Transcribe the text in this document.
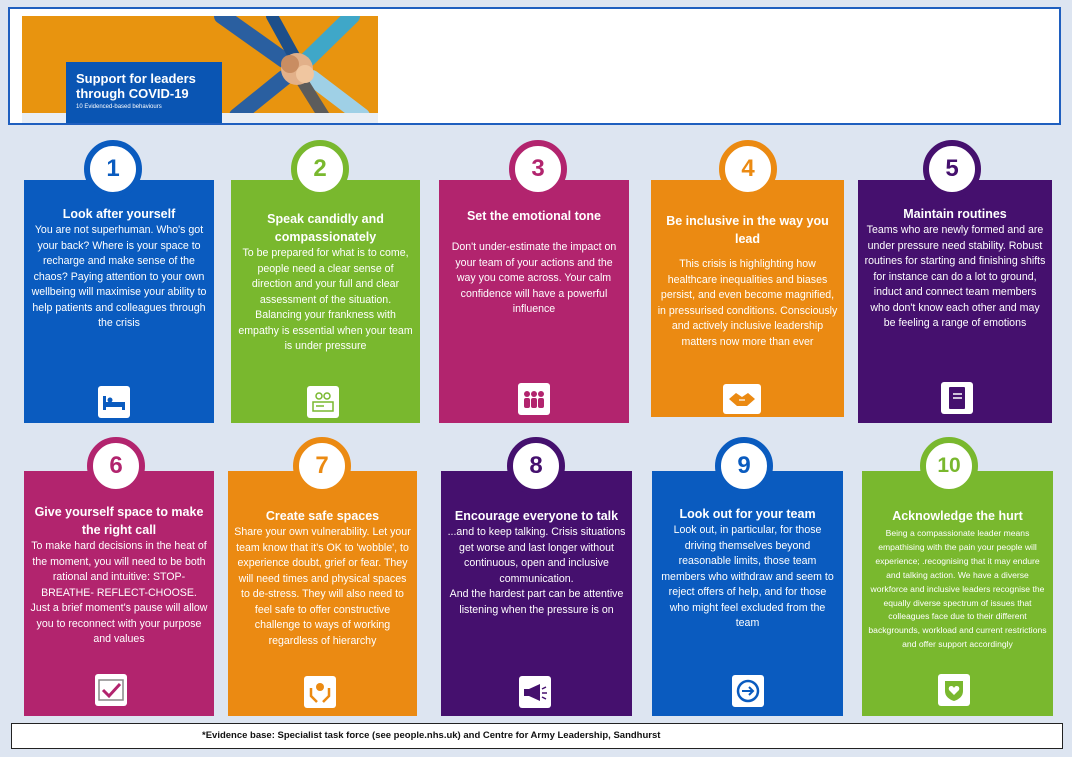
Support for leaders
through COVID-19
10 Evidenced-based behaviours
Look after yourself
You are not superhuman. Who's got your back? Where is your space to recharge and make sense of the chaos? Paying attention to your own wellbeing will maximise your ability to help patients and colleagues through the crisis
1
Speak candidly and compassionately
To be prepared for what is to come, people need a clear sense of direction and your full and clear assessment of the situation. Balancing your frankness with empathy is essential when your team is under pressure
2
Set the emotional tone
Don't under-estimate the impact on your team of your actions and the way you come across. Your calm confidence will have a powerful influence
3
Be inclusive in the way you lead
This crisis is highlighting how healthcare inequalities and biases persist, and even become magnified, in pressurised conditions. Consciously and actively inclusive leadership matters now more than ever
4
Maintain routines
Teams who are newly formed and are under pressure need stability. Robust routines for starting and finishing shifts for instance can do a lot to ground, induct and connect team members who don't know each other and may be feeling a range of emotions
5
Give yourself space to make the right call
To make hard decisions in the heat of the moment, you will need to be both rational and intuitive: STOP-BREATHE- REFLECT-CHOOSE. Just a brief moment's pause will allow you to reconnect with your purpose and values
6
Create safe spaces
Share your own vulnerability. Let your team know that it's OK to 'wobble', to experience doubt, grief or fear. They will need times and physical spaces to de-stress. They will also need to feel safe to offer constructive challenge to ways of working regardless of hierarchy
7
Encourage everyone to talk
...and to keep talking. Crisis situations get worse and last longer without continuous, open and inclusive communication.
And the hardest part can be attentive listening when the pressure is on
8
Look out for your team
Look out, in particular, for those driving themselves beyond reasonable limits, those team members who withdraw and seem to reject offers of help, and for those who might feel excluded from the team
9
Acknowledge the hurt
Being a compassionate leader means empathising with the pain your people will experience; .recognising that it may endure and talking action. We have a diverse workforce and inclusive leaders recognise the equally diverse spectrum of issues that colleagues face due to their different backgrounds, workload and current restrictions and offer support accordingly
10
*Evidence base: Specialist task force (see people.nhs.uk) and Centre for Army Leadership, Sandhurst
